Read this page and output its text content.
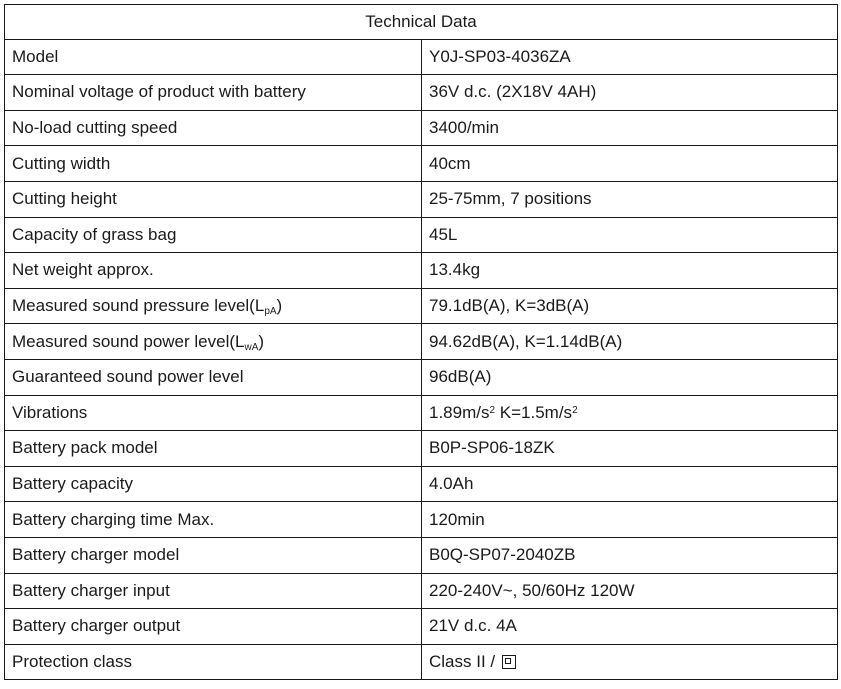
Technical Data	
Model	Y0J-SP03-4036ZA
Nominal voltage of product with battery	36V d.c. (2X18V 4AH)
No-load cutting speed	3400/min
Cutting width	40cm
Cutting height	25-75mm, 7 positions
Capacity of grass bag	45L
Net weight approx.	13.4kg
Measured sound pressure $level(L_{pA})$	79.1dB(A), K=3dB(A)
Measured sound power $level(L_{wA})$	94.62dB(A), K=1.14dB(A)
Guaranteed sound power level	96dB(A)
Vibrations	$1.89m/s^2$ $K=1.5m/s^2$
Battery pack model	B0P-SP06-18ZK
Battery capacity	4.0Ah
Battery charging time Max.	120min
Battery charger model	B0Q-SP07-2040ZB
Battery charger input	220-240V~, 50/60Hz 120W
Battery charger output	21V d.c. 4A
Protection class	Class II /
